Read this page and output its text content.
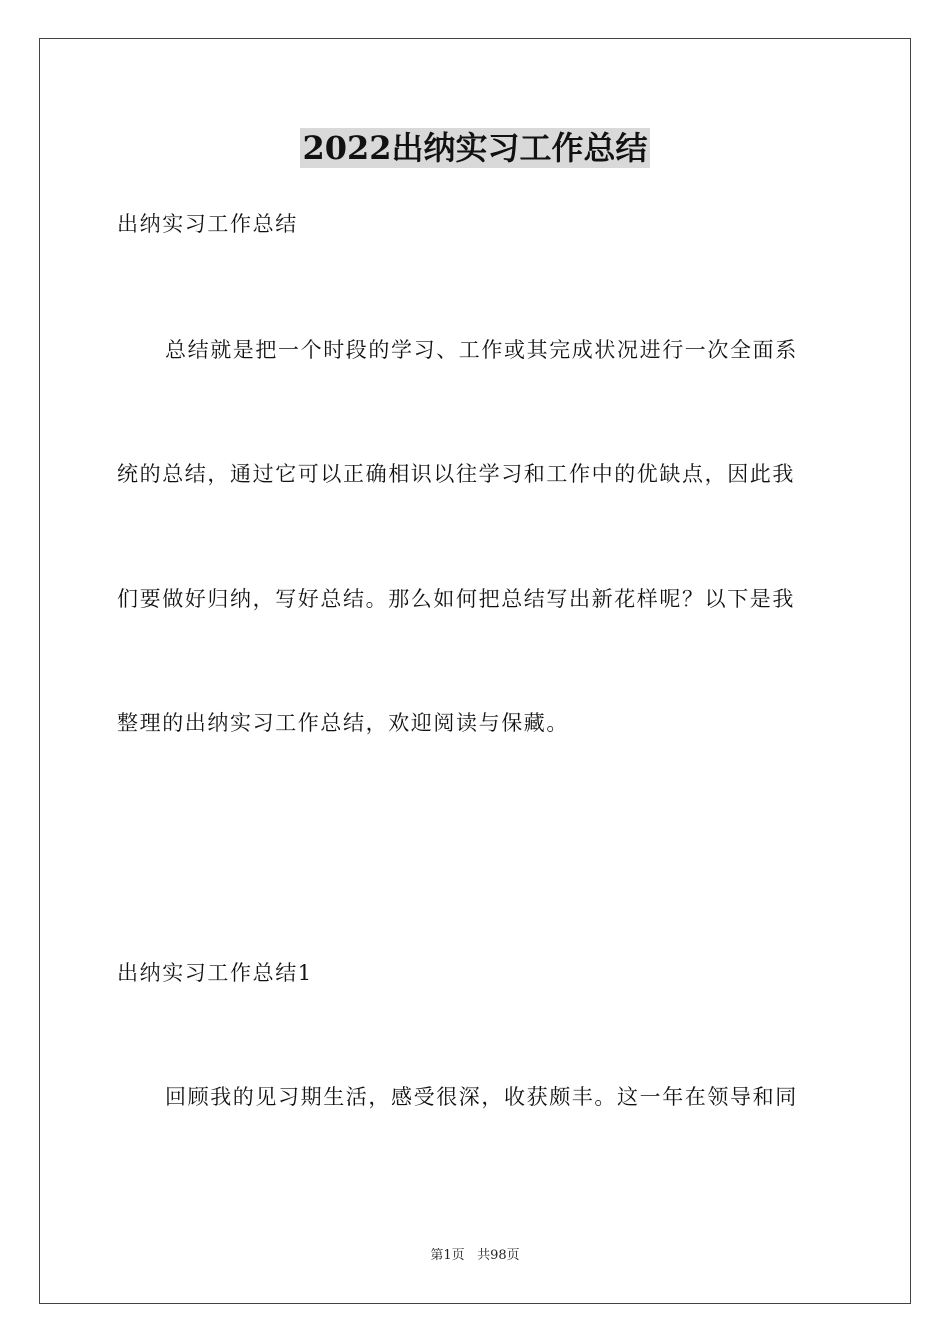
2022出纳实习工作总结
出纳实习工作总结
总结就是把一个时段的学习、工作或其完成状况进行一次全面系
统的总结，通过它可以正确相识以往学习和工作中的优缺点，因此我
们要做好归纳，写好总结。那么如何把总结写出新花样呢？以下是我
整理的出纳实习工作总结，欢迎阅读与保藏。
出纳实习工作总结1
回顾我的见习期生活，感受很深，收获颇丰。这一年在领导和同
第1页 共98页
